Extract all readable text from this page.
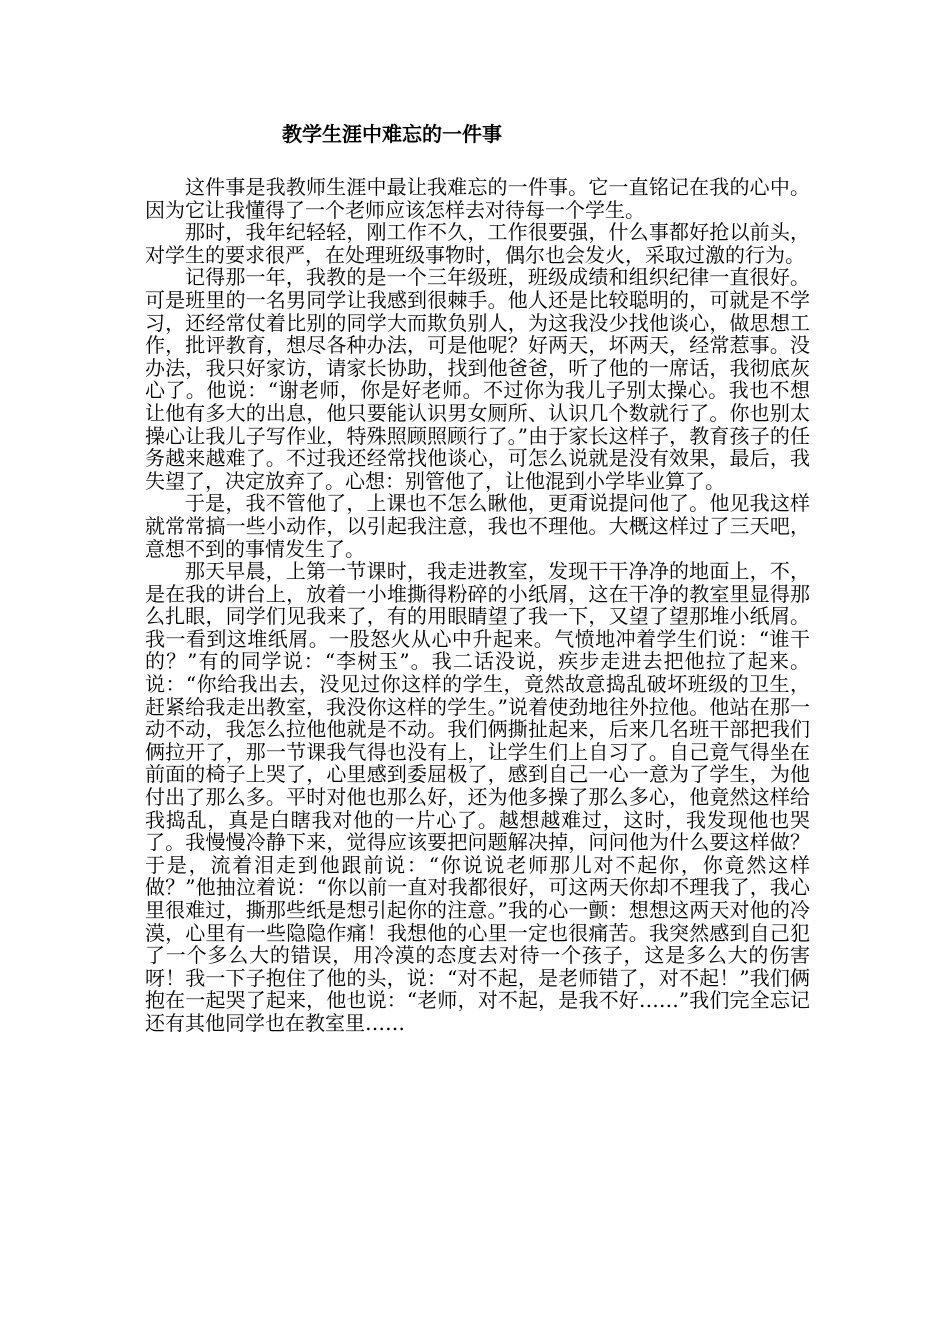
教学生涯中难忘的一件事

这件事是我教师生涯中最让我难忘的一件事。它一直铭记在我的心中。因为它让我懂得了一个老师应该怎样去对待每一个学生。

那时，我年纪轻轻，刚工作不久，工作很要强，什么事都好抢以前头，对学生的要求很严，在处理班级事物时，偶尔也会发火，采取过激的行为。

记得那一年，我教的是一个三年级班，班级成绩和组织纪律一直很好。可是班里的一名男同学让我感到很棘手。他人还是比较聪明的，可就是不学习，还经常仗着比别的同学大而欺负别人，为这我没少找他谈心，做思想工作，批评教育，想尽各种办法，可是他呢？好两天，坏两天，经常惹事。没办法，我只好家访，请家长协助，找到他爸爸，听了他的一席话，我彻底灰心了。他说：“谢老师，你是好老师。不过你为我儿子别太操心。我也不想让他有多大的出息，他只要能认识男女厕所、认识几个数就行了。你也别太操心让我儿子写作业，特殊照顾照顾行了。”由于家长这样子，教育孩子的任务越来越难了。不过我还经常找他谈心，可怎么说就是没有效果，最后，我失望了，决定放弃了。心想：别管他了，让他混到小学毕业算了。

于是，我不管他了，上课也不怎么瞅他，更甭说提问他了。他见我这样就常常搞一些小动作，以引起我注意，我也不理他。大概这样过了三天吧，意想不到的事情发生了。

那天早晨，上第一节课时，我走进教室，发现干干净净的地面上，不，是在我的讲台上，放着一小堆撕得粉碎的小纸屑，这在干净的教室里显得那么扎眼，同学们见我来了，有的用眼睛望了我一下，又望了望那堆小纸屑。我一看到这堆纸屑。一股怒火从心中升起来。气愤地冲着学生们说：“谁干的？”有的同学说：“李树玉”。我二话没说，疾步走进去把他拉了起来。说：“你给我出去，没见过你这样的学生，竟然故意捣乱破坏班级的卫生，赶紧给我走出教室，我没你这样的学生。”说着使劲地往外拉他。他站在那一动不动，我怎么拉他他就是不动。我们俩撕扯起来，后来几名班干部把我们俩拉开了，那一节课我气得也没有上，让学生们上自习了。自己竟气得坐在前面的椅子上哭了，心里感到委屈极了，感到自己一心一意为了学生，为他付出了那么多。平时对他也那么好，还为他多操了那么多心，他竟然这样给我捣乱，真是白瞎我对他的一片心了。越想越难过，这时，我发现他也哭了。我慢慢冷静下来，觉得应该要把问题解决掉，问问他为什么要这样做？于是，流着泪走到他跟前说：“你说说老师那儿对不起你，你竟然这样做？”他抽泣着说：“你以前一直对我都很好，可这两天你却不理我了，我心里很难过，撕那些纸是想引起你的注意。”我的心一颤：想想这两天对他的冷漠，心里有一些隐隐作痛！我想他的心里一定也很痛苦。我突然感到自己犯了一个多么大的错误，用冷漠的态度去对待一个孩子，这是多么大的伤害呀！我一下子抱住了他的头，说：“对不起，是老师错了，对不起！”我们俩抱在一起哭了起来，他也说：“老师，对不起，是我不好……”我们完全忘记还有其他同学也在教室里……
